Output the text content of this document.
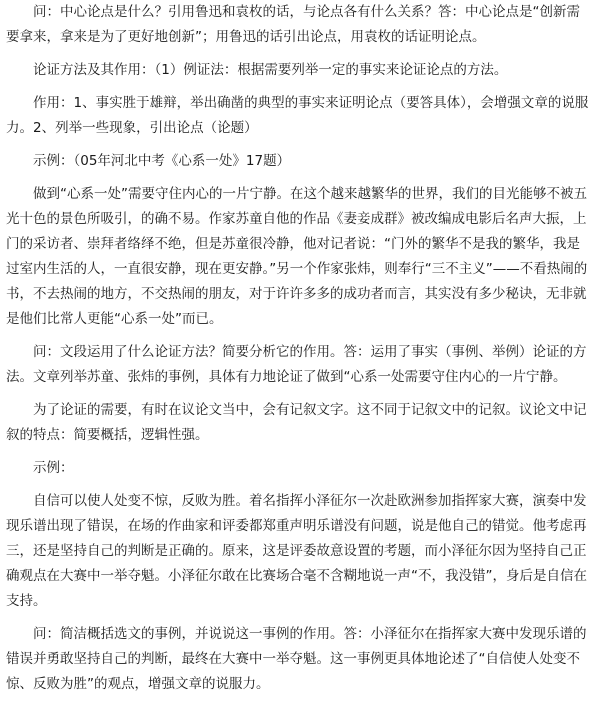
问：中心论点是什么？引用鲁迅和袁枚的话，与论点各有什么关系？答：中心论点是“创新需要拿来，拿来是为了更好地创新”；用鲁迅的话引出论点，用袁枚的话证明论点。

论证方法及其作用：（1）例证法：根据需要列举一定的事实来论证论点的方法。

作用：1、事实胜于雄辩，举出确凿的典型的事实来证明论点（要答具体），会增强文章的说服力。2、列举一些现象，引出论点（论题）

示例：（05年河北中考《心系一处》17题）

做到“心系一处”需要守住内心的一片宁静。在这个越来越繁华的世界，我们的目光能够不被五光十色的景色所吸引，的确不易。作家苏童自他的作品《妻妾成群》被改编成电影后名声大振，上门的采访者、崇拜者络绎不绝，但是苏童很冷静，他对记者说：“门外的繁华不是我的繁华，我是过室内生活的人，一直很安静，现在更安静。”另一个作家张炜，则奉行“三不主义”——不看热闹的书，不去热闹的地方，不交热闹的朋友，对于许许多多的成功者而言，其实没有多少秘诀，无非就是他们比常人更能“心系一处”而已。

问：文段运用了什么论证方法？简要分析它的作用。答：运用了事实（事例、举例）论证的方法。文章列举苏童、张炜的事例，具体有力地论证了做到“心系一处需要守住内心的一片宁静。

为了论证的需要，有时在议论文当中，会有记叙文字。这不同于记叙文中的记叙。议论文中记叙的特点：简要概括，逻辑性强。

示例：

自信可以使人处变不惊，反败为胜。着名指挥小泽征尔一次赴欧洲参加指挥家大赛，演奏中发现乐谱出现了错误，在场的作曲家和评委都郑重声明乐谱没有问题，说是他自己的错觉。他考虑再三，还是坚持自己的判断是正确的。原来，这是评委故意设置的考题，而小泽征尔因为坚持自己正确观点在大赛中一举夺魁。小泽征尔敢在比赛场合毫不含糊地说一声“不，我没错”，身后是自信在支持。

问：简洁概括选文的事例，并说说这一事例的作用。答：小泽征尔在指挥家大赛中发现乐谱的错误并勇敢坚持自己的判断，最终在大赛中一举夺魁。这一事例更具体地论述了“自信使人处变不惊、反败为胜”的观点，增强文章的说服力。
